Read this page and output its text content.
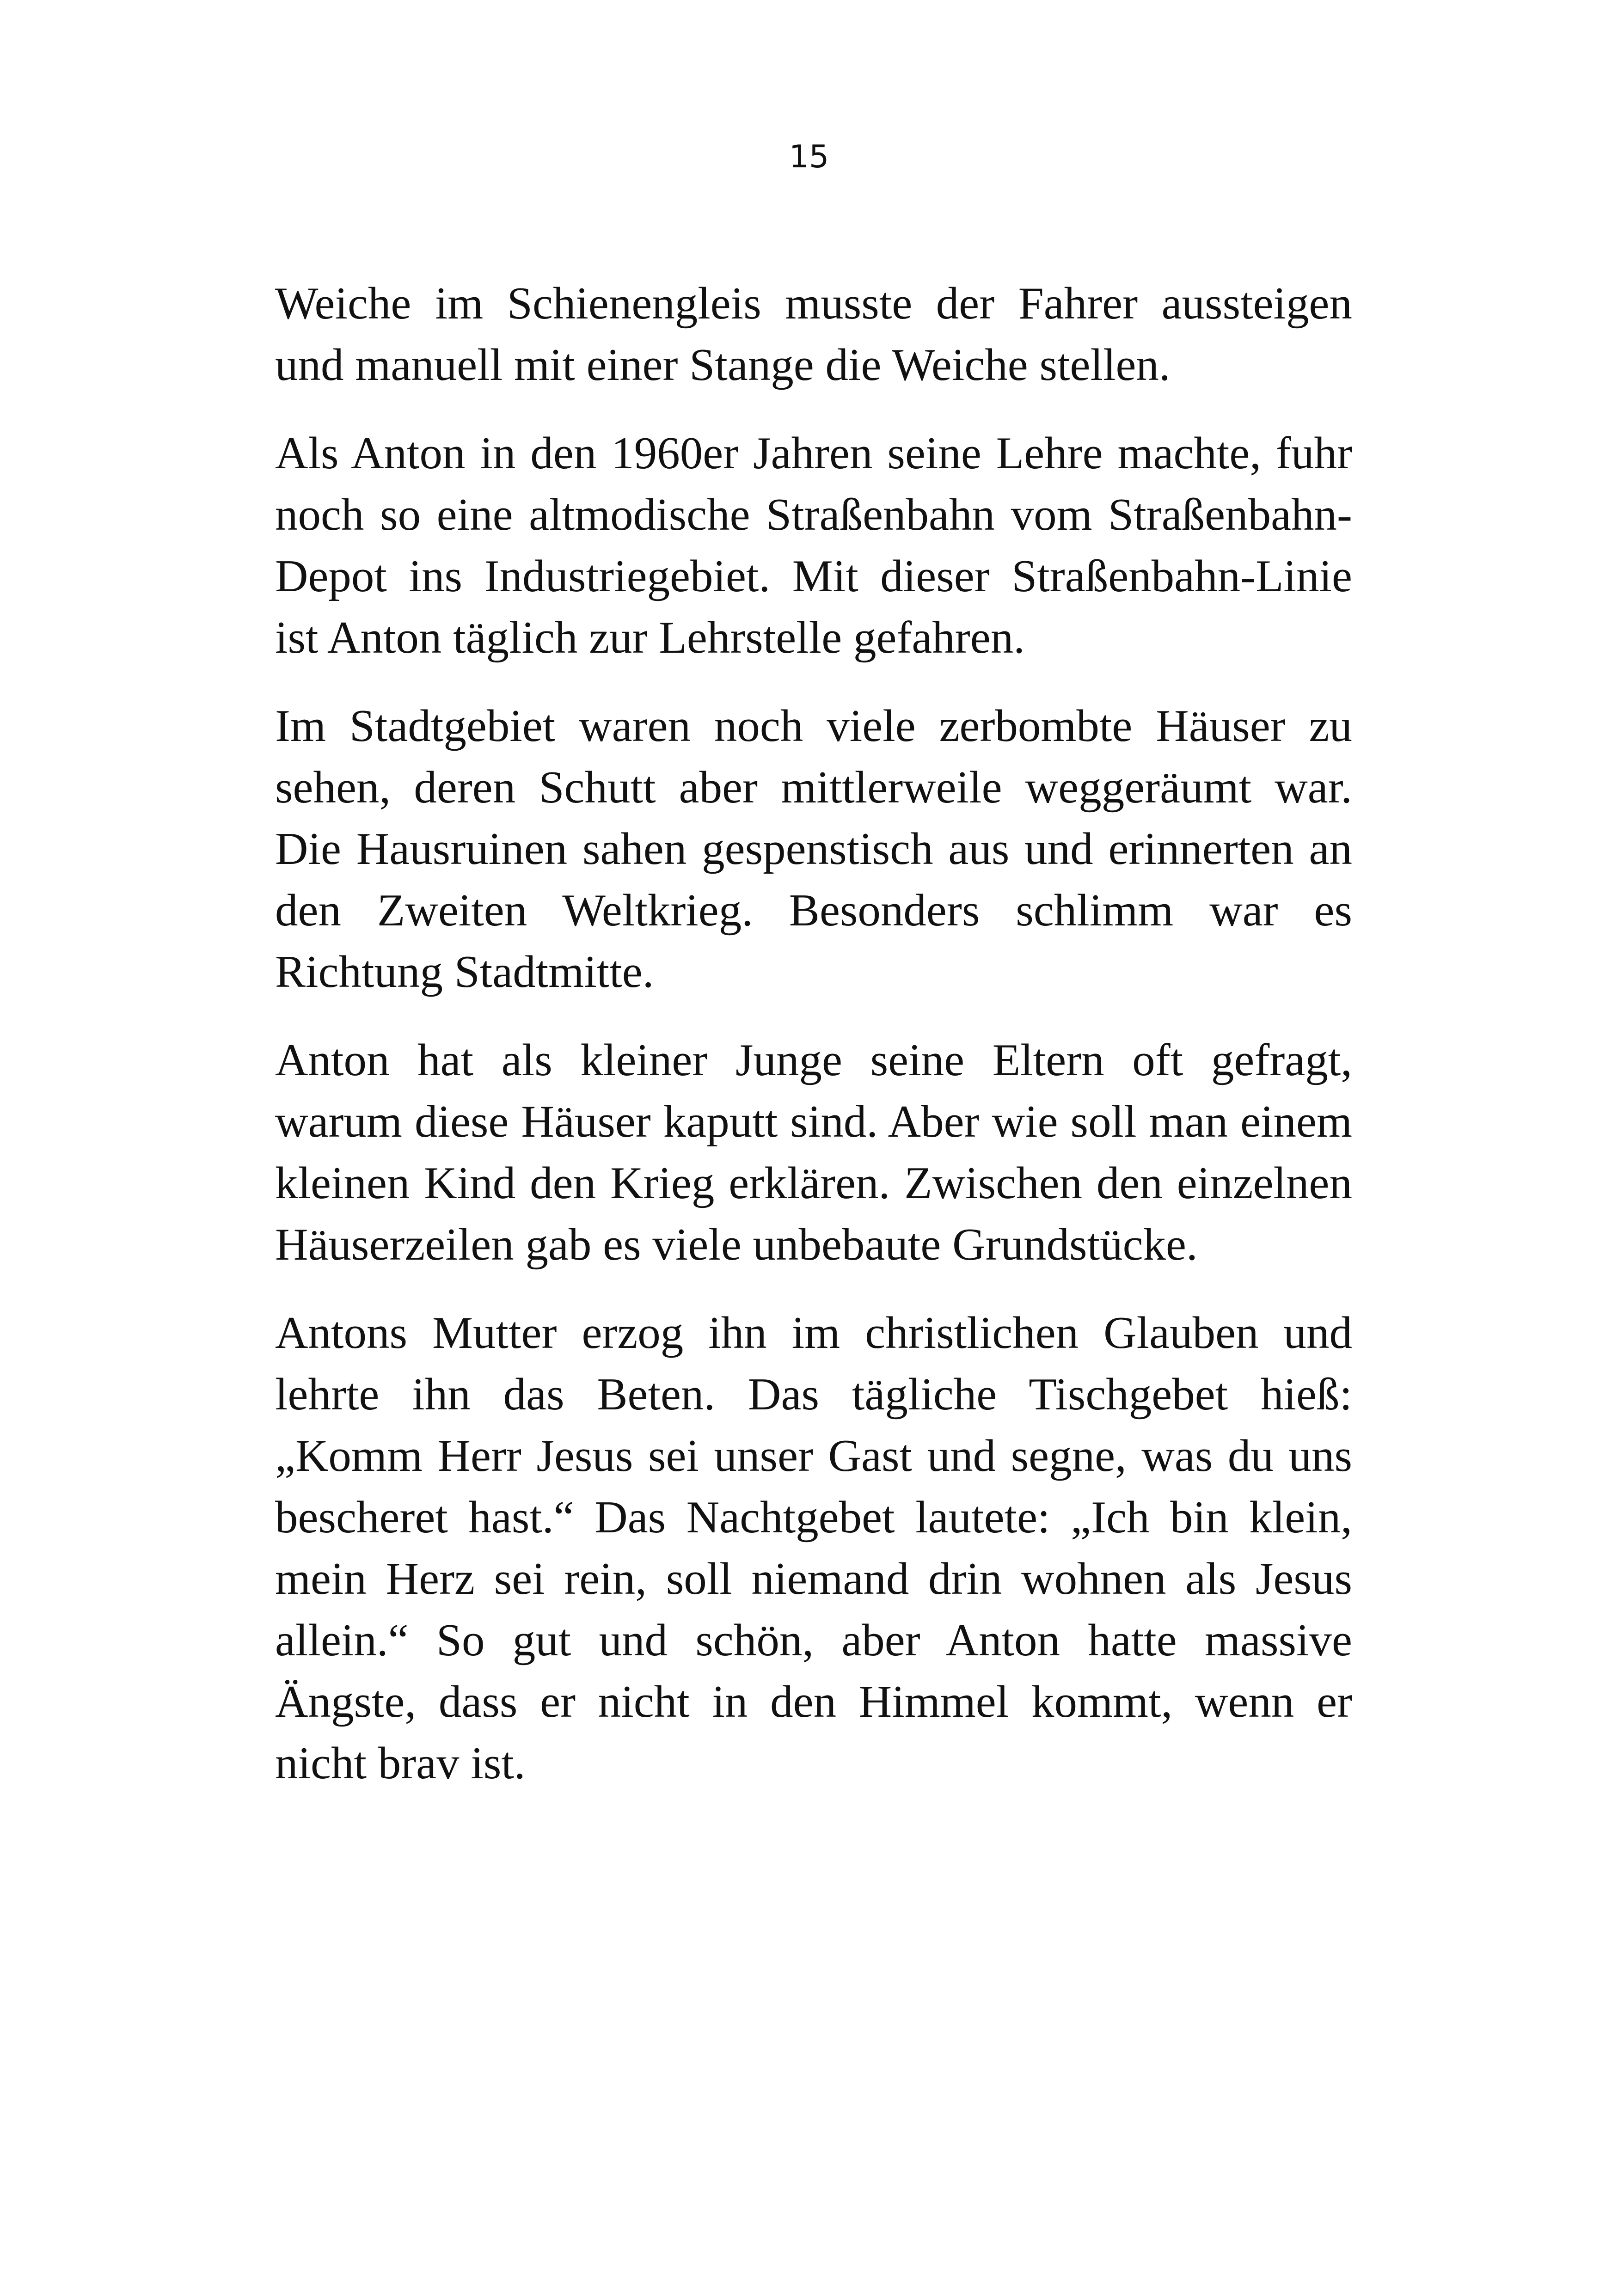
15

Weiche im Schienengleis musste der Fahrer aussteigen und manuell mit einer Stange die Weiche stellen.

Als Anton in den 1960er Jahren seine Lehre machte, fuhr noch so eine altmodische Straßenbahn vom Straßenbahn-Depot ins Industriegebiet. Mit dieser Straßenbahn-Linie ist Anton täglich zur Lehrstelle gefahren.

Im Stadtgebiet waren noch viele zerbombte Häuser zu sehen, deren Schutt aber mittlerweile weggeräumt war. Die Hausruinen sahen gespenstisch aus und erinnerten an den Zweiten Weltkrieg. Besonders schlimm war es Richtung Stadtmitte.

Anton hat als kleiner Junge seine Eltern oft gefragt, warum diese Häuser kaputt sind. Aber wie soll man einem kleinen Kind den Krieg erklären. Zwischen den einzelnen Häuserzeilen gab es viele unbebaute Grundstücke.

Antons Mutter erzog ihn im christlichen Glauben und lehrte ihn das Beten. Das tägliche Tischgebet hieß: „Komm Herr Jesus sei unser Gast und segne, was du uns bescheret hast.“ Das Nachtgebet lautete: „Ich bin klein, mein Herz sei rein, soll niemand drin wohnen als Jesus allein.“ So gut und schön, aber Anton hatte massive Ängste, dass er nicht in den Himmel kommt, wenn er nicht brav ist.
